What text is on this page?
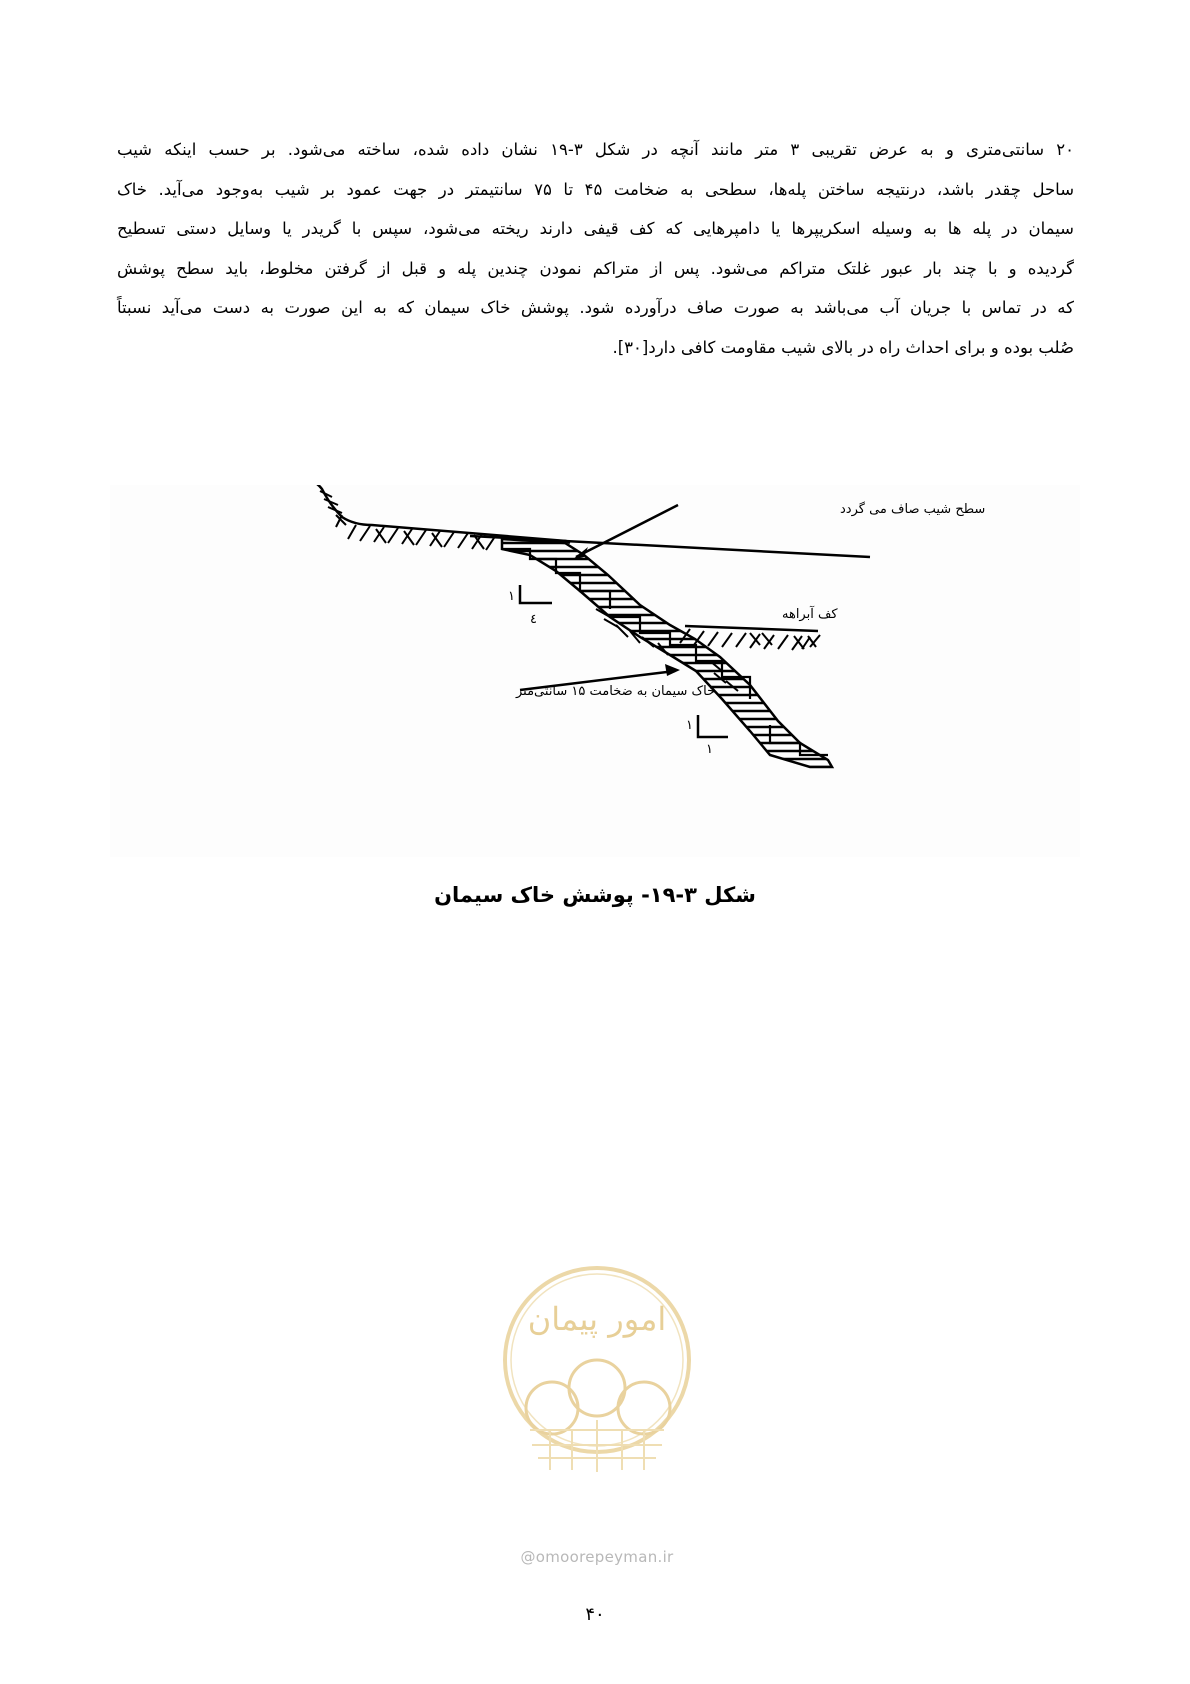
۲۰ سانتی‌متری و به عرض تقریبی ۳ متر مانند آنچه در شکل ۳-۱۹ نشان داده شده، ساخته می‌شود. بر حسب اینکه شیب
ساحل چقدر باشد، درنتیجه ساختن پله‌ها، سطحی به ضخامت ۴۵ تا ۷۵ سانتیمتر در جهت عمود بر شیب به‌وجود می‌آید. خاک
سیمان در پله ها به وسیله اسکریپرها یا دامپرهایی که کف قیفی دارند ریخته می‌شود، سپس با گریدر یا وسایل دستی تسطیح
گردیده و با چند بار عبور غلتک متراکم می‌شود. پس از متراکم نمودن چندین پله و قبل از گرفتن مخلوط، باید سطح پوشش
که در تماس با جریان آب می‌باشد به صورت صاف درآورده شود. پوشش خاک سیمان که به این صورت به دست می‌آید نسبتاً
صُلب بوده و برای احداث راه در بالای شیب مقاومت کافی دارد[۳۰].
۱
٤
۱
۱
سطح شیب صاف می گردد
کف آبراهه
خاک سیمان به ضخامت ۱۵ سانتی‌متر
شکل ۳-۱۹- پوشش خاک سیمان
امور پیمان
@omoorepeyman.ir
۴۰
